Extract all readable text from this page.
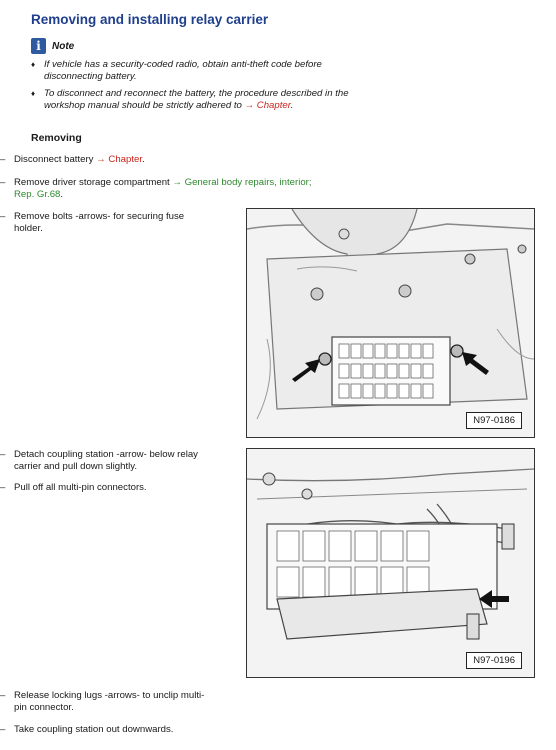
Removing and installing relay carrier
i	Note
♦ If vehicle has a security-coded radio, obtain anti-theft code before disconnecting battery.
♦ To disconnect and reconnect the battery, the procedure described in the workshop manual should be strictly adhered to → Chapter.
Removing
– Disconnect battery → Chapter.
– Remove driver storage compartment → General body repairs, interior; Rep. Gr.68.
– Remove bolts -arrows- for securing fuse holder.
– Detach coupling station -arrow- below relay carrier and pull down slightly.
– Pull off all multi-pin connectors.
– Release locking lugs -arrows- to unclip multi-pin connector.
– Take coupling station out downwards.
N97-0186
N97-0196
